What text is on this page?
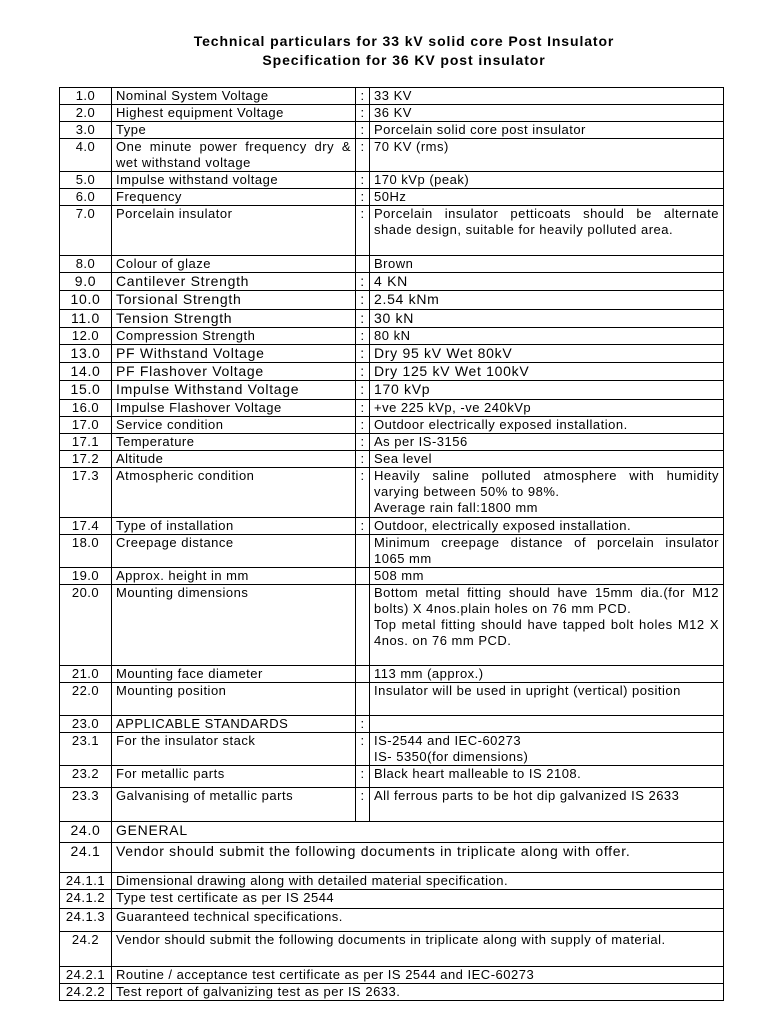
Technical particulars for 33 kV solid core Post Insulator
Specification for 36 KV post insulator
1.0	Nominal System Voltage	:	33 KV
2.0	Highest equipment Voltage	:	36 KV
3.0	Type	:	Porcelain solid core post insulator
4.0	One minute power frequency dry & wet withstand voltage	:	70 KV (rms)
5.0	Impulse withstand voltage	:	170 kVp (peak)
6.0	Frequency	:	50Hz
7.0	Porcelain insulator	:	Porcelain insulator petticoats should be alternate shade design, suitable for heavily polluted area.
8.0	Colour of glaze		Brown
9.0	Cantilever Strength	:	4 KN
10.0	Torsional Strength	:	2.54 kNm
11.0	Tension Strength	:	30 kN
12.0	Compression Strength	:	80 kN
13.0	PF Withstand Voltage	:	Dry 95 kV Wet 80kV
14.0	PF Flashover Voltage	:	Dry 125 kV Wet 100kV
15.0	Impulse Withstand Voltage	:	170 kVp
16.0	Impulse Flashover Voltage	:	+ve 225 kVp, -ve 240kVp
17.0	Service condition	:	Outdoor electrically exposed installation.
17.1	Temperature	:	As per IS-3156
17.2	Altitude	:	Sea level
17.3	Atmospheric condition	:	Heavily saline polluted atmosphere with humidity varying between 50% to 98%.
Average rain fall:1800 mm

17.4	Type of installation	:	Outdoor, electrically exposed installation.
18.0	Creepage distance		Minimum creepage distance of porcelain insulator 1065 mm
19.0	Approx. height in mm		508 mm
20.0	Mounting dimensions		Bottom metal fitting should have 15mm dia.(for M12 bolts) X 4nos.plain holes on 76 mm PCD.
Top metal fitting should have tapped bolt holes M12 X 4nos. on 76 mm PCD.

21.0	Mounting face diameter		113 mm (approx.)
22.0	Mounting position		Insulator will be used in upright (vertical) position
23.0	APPLICABLE STANDARDS	:	
23.1	For the insulator stack	:	IS-2544 and IEC-60273
IS- 5350(for dimensions)

23.2	For metallic parts	:	Black heart malleable to IS 2108.
23.3	Galvanising of metallic parts	:	All ferrous parts to be hot dip galvanized IS 2633
24.0	GENERAL		
24.1	Vendor should submit the following documents in triplicate along with offer.		
24.1.1	Dimensional drawing along with detailed material specification.		
24.1.2	Type test certificate as per IS 2544		
24.1.3	Guaranteed technical specifications.		
24.2	Vendor should submit the following documents in triplicate along with supply of material.		
24.2.1	Routine / acceptance test certificate as per IS 2544 and IEC-60273		
24.2.2	Test report of galvanizing test as per IS 2633.		
